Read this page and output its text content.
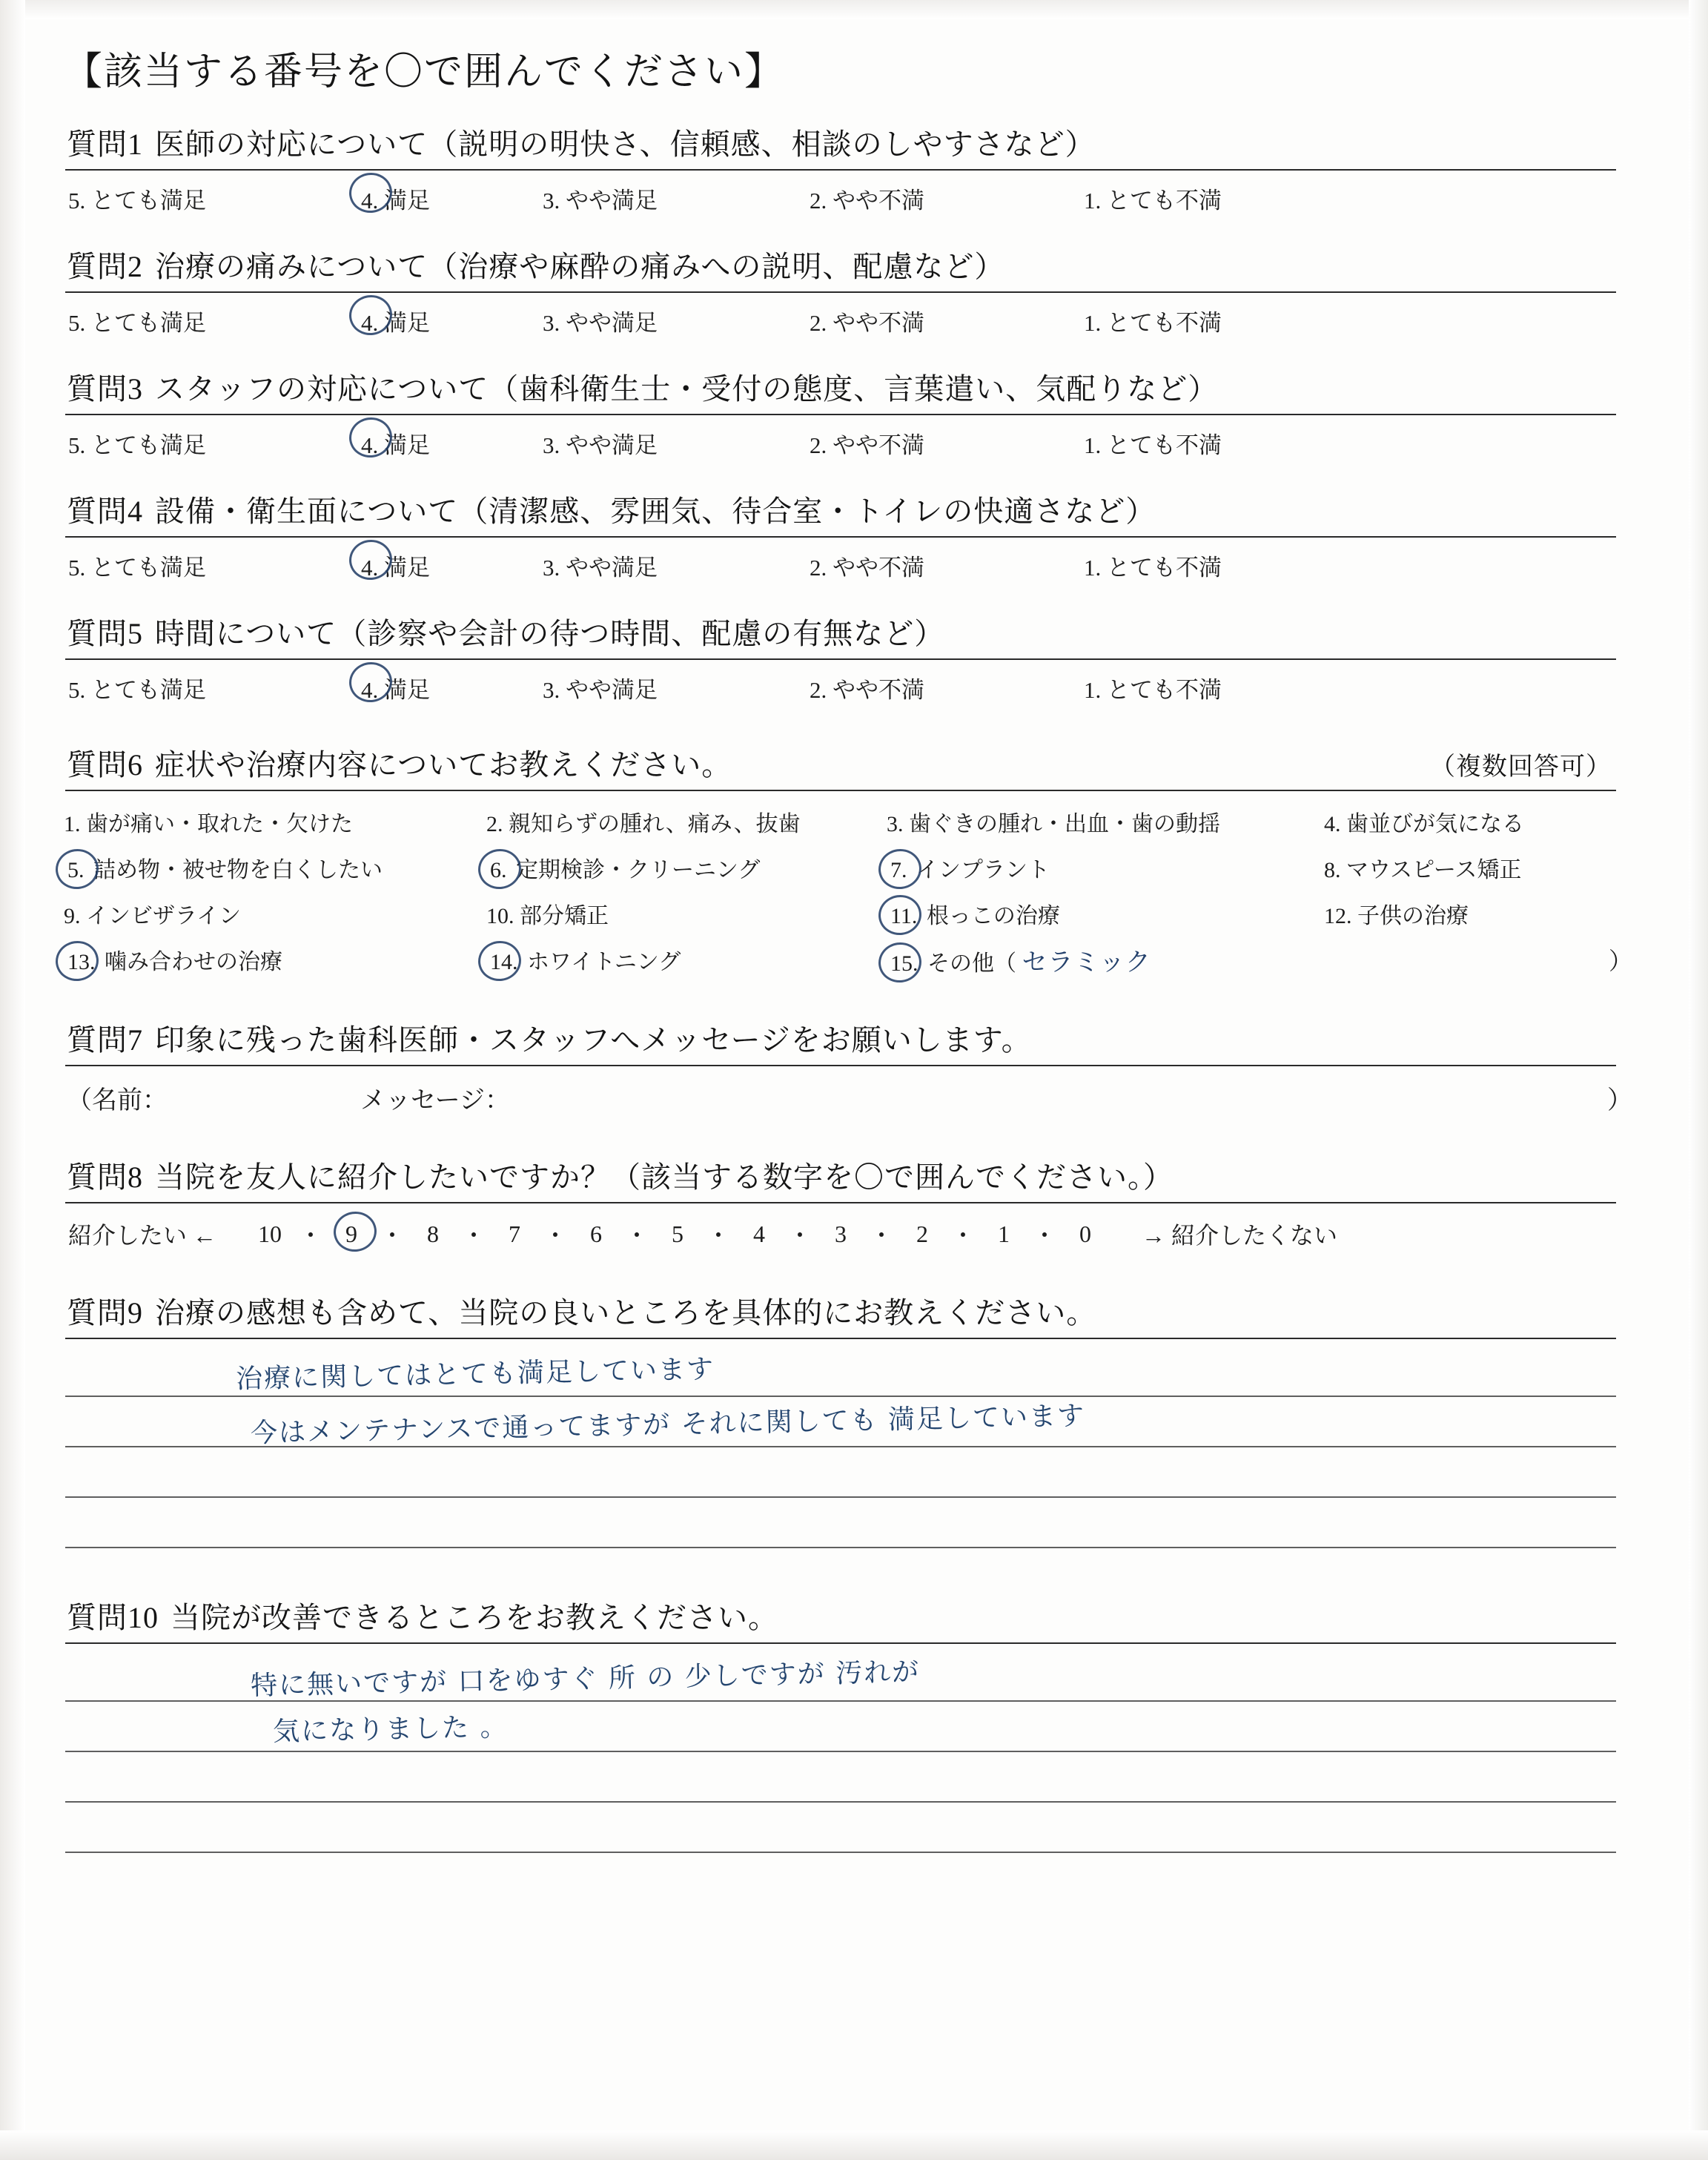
【該当する番号を〇で囲んでください】
質問1 医師の対応について（説明の明快さ、信頼感、相談のしやすさなど）
5. とても満足	4. 満足	3. やや満足	2. やや不満	1. とても不満
質問2 治療の痛みについて（治療や麻酔の痛みへの説明、配慮など）
5. とても満足	4. 満足	3. やや満足	2. やや不満	1. とても不満
質問3 スタッフの対応について（歯科衛生士・受付の態度、言葉遣い、気配りなど）
5. とても満足	4. 満足	3. やや満足	2. やや不満	1. とても不満
質問4 設備・衛生面について（清潔感、雰囲気、待合室・トイレの快適さなど）
5. とても満足	4. 満足	3. やや満足	2. やや不満	1. とても不満
質問5 時間について（診察や会計の待つ時間、配慮の有無など）
5. とても満足	4. 満足	3. やや満足	2. やや不満	1. とても不満
質問6 症状や治療内容についてお教えください。	（複数回答可）
1. 歯が痛い・取れた・欠けた	2. 親知らずの腫れ、痛み、抜歯	3. 歯ぐきの腫れ・出血・歯の動揺	4. 歯並びが気になる
5. 詰め物・被せ物を白くしたい	6. 定期検診・クリーニング	7. インプラント	8. マウスピース矯正
9. インビザライン	10. 部分矯正	11. 根っこの治療	12. 子供の治療
13. 噛み合わせの治療	14. ホワイトニング	15. その他（ セラミック	）
質問7 印象に残った歯科医師・スタッフへメッセージをお願いします。
（名前：	メッセージ：	）
質問8 当院を友人に紹介したいですか？（該当する数字を〇で囲んでください。）
紹介したい ←	10 ・ 9 ・ 8 ・ 7 ・ 6 ・ 5 ・ 4 ・ 3 ・ 2 ・ 1 ・ 0	→ 紹介したくない
質問9 治療の感想も含めて、当院の良いところを具体的にお教えください。
治療に関してはとても満足しています
今はメンテナンスで通ってますが それに関しても 満足しています
質問10 当院が改善できるところをお教えください。
特に無いですが 口をゆすぐ 所 の 少しですが 汚れが
気になりました 。
